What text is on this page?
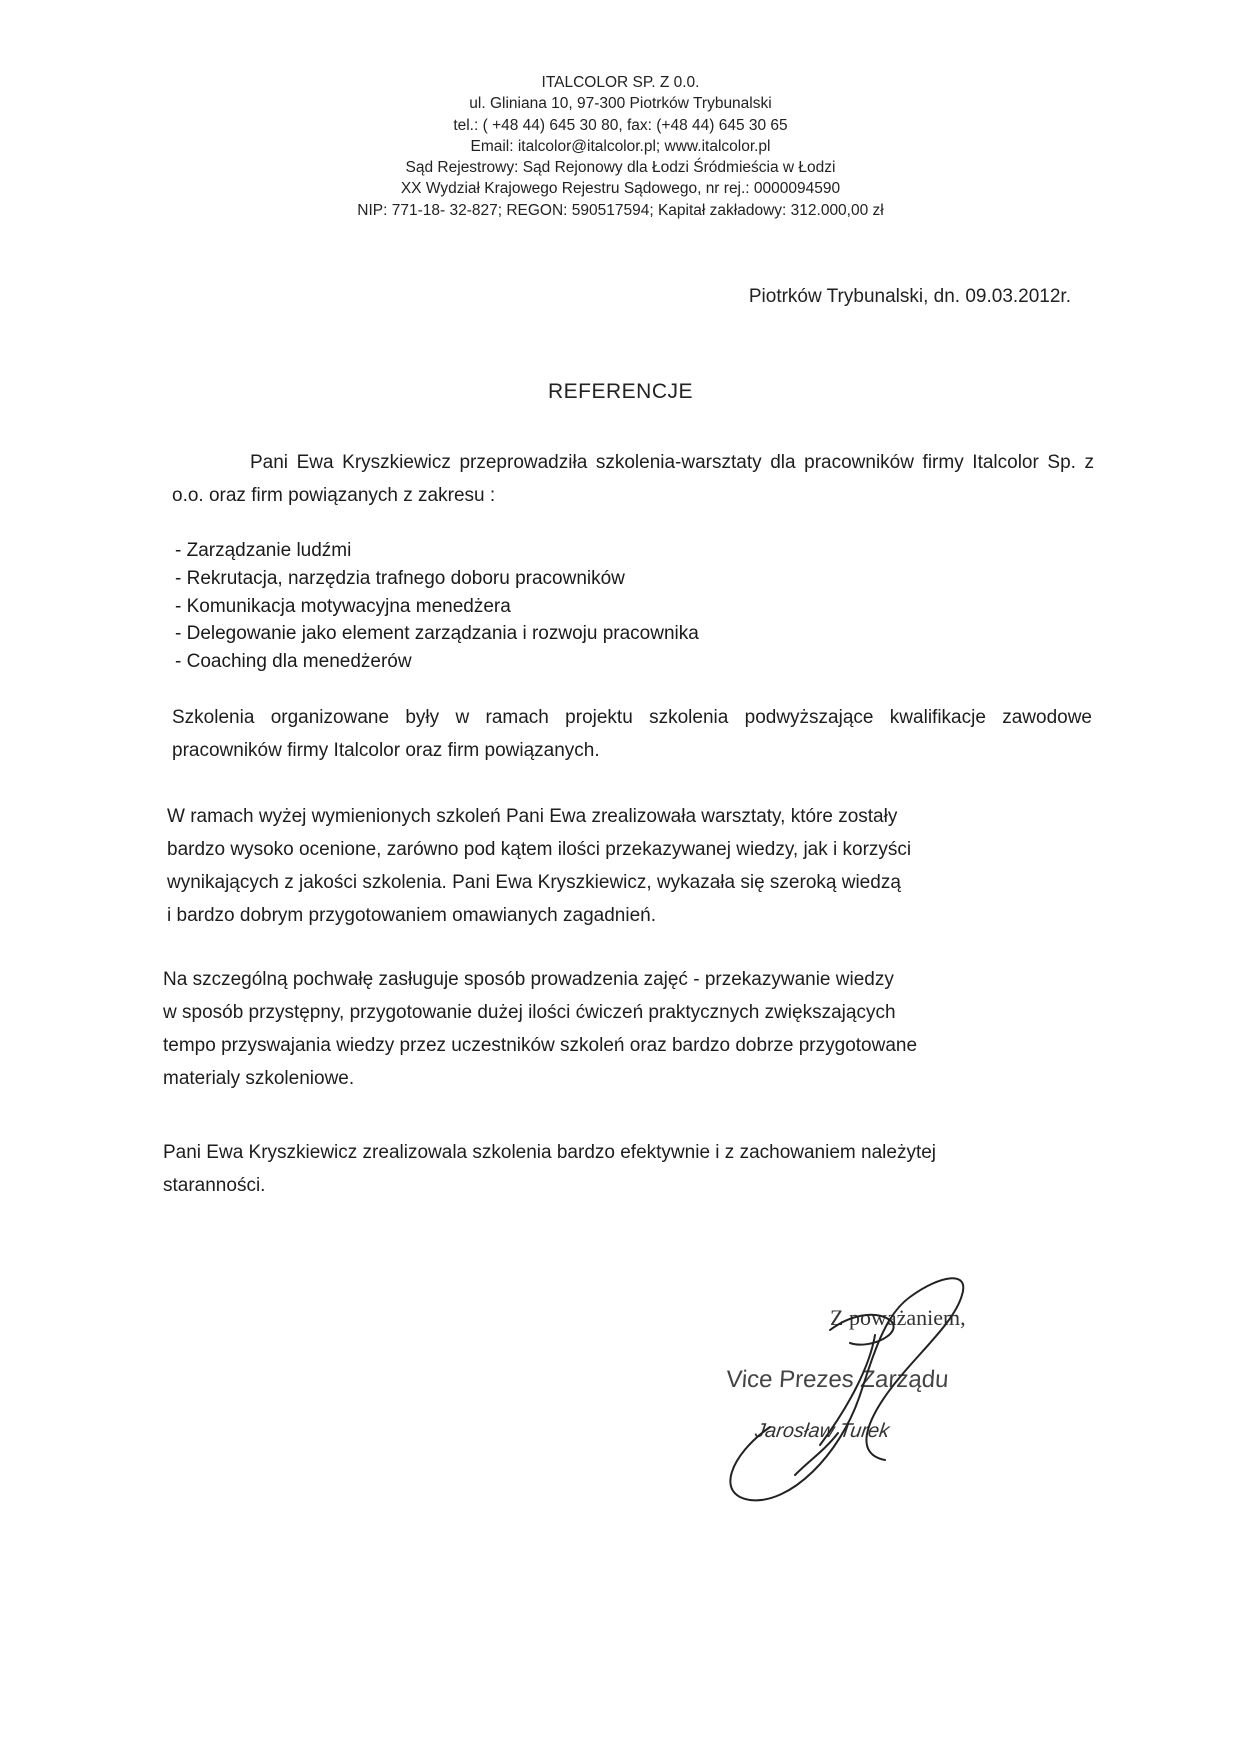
ITALCOLOR SP. Z 0.0.
ul. Gliniana 10, 97-300 Piotrków Trybunalski
tel.: ( +48 44) 645 30 80, fax: (+48 44) 645 30 65
Email: italcolor@italcolor.pl; www.italcolor.pl
Sąd Rejestrowy: Sąd Rejonowy dla Łodzi Śródmieścia w Łodzi
XX Wydział Krajowego Rejestru Sądowego, nr rej.: 0000094590
NIP: 771-18- 32-827; REGON: 590517594; Kapitał zakładowy: 312.000,00 zł
Piotrków Trybunalski, dn. 09.03.2012r.
REFERENCJE
Pani Ewa Kryszkiewicz przeprowadziła szkolenia-warsztaty dla pracowników firmy Italcolor Sp. z o.o. oraz firm powiązanych z zakresu :
- Zarządzanie ludźmi
- Rekrutacja, narzędzia trafnego doboru pracowników
- Komunikacja motywacyjna menedżera
- Delegowanie jako element zarządzania i rozwoju pracownika
- Coaching dla menedżerów
Szkolenia organizowane były w ramach projektu szkolenia podwyższające kwalifikacje zawodowe pracowników firmy Italcolor oraz firm powiązanych.
W ramach wyżej wymienionych szkoleń Pani Ewa zrealizowała warsztaty, które zostały
bardzo wysoko ocenione, zarówno pod kątem ilości przekazywanej wiedzy, jak i korzyści
wynikających z jakości szkolenia. Pani Ewa Kryszkiewicz, wykazała się szeroką wiedzą
i bardzo dobrym przygotowaniem omawianych zagadnień.
Na szczególną pochwałę zasługuje sposób prowadzenia zajęć - przekazywanie wiedzy
w sposób przystępny, przygotowanie dużej ilości ćwiczeń praktycznych zwiększających
tempo przyswajania wiedzy przez uczestników szkoleń oraz bardzo dobrze przygotowane
materialy szkoleniowe.
Pani Ewa Kryszkiewicz zrealizowala szkolenia bardzo efektywnie i z zachowaniem należytej
staranności.
Z poważaniem,
Vice Prezes Zarządu
Jarosław Turek
